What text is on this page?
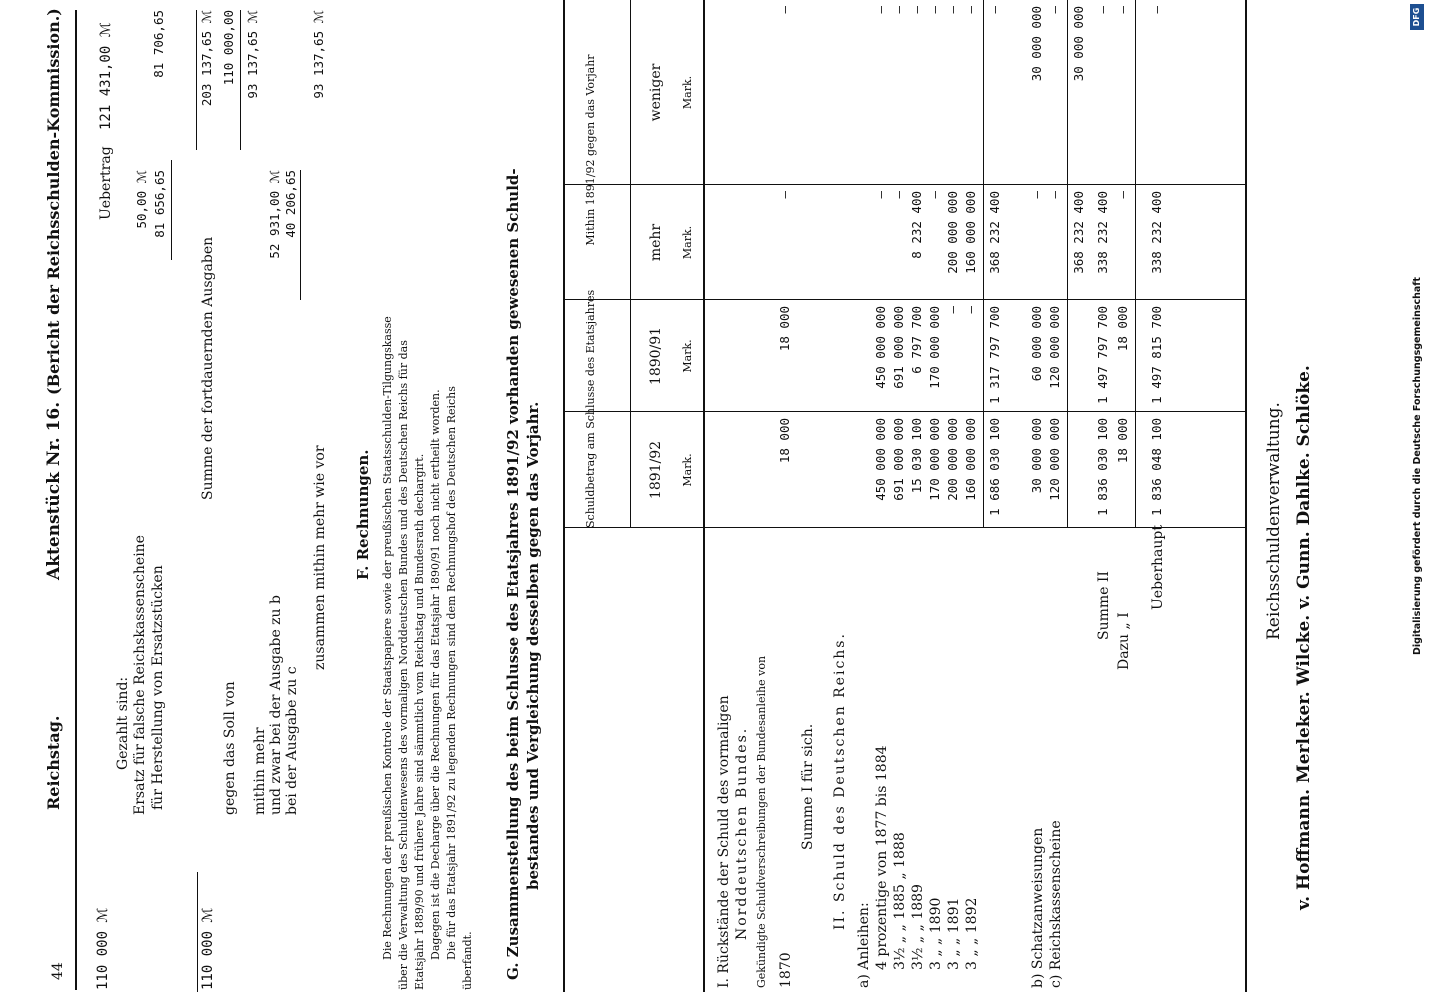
44
Reichstag.
Aktenstück Nr. 16.
(Bericht der Reichsschulden-Kommission.)
110 000 ℳ
Gezahlt sind: Ersatz für falsche Reichskassenscheine für Herstellung von Ersatzstücken
Uebertrag
121 431,00 ℳ
50,00 ℳ 81 656,65
81 706,65
Summe der fortdauernden Ausgaben
203 137,65 ℳ
110 000 ℳ
gegen das Soll von
110 000,00
mithin mehr
93 137,65 ℳ
und zwar bei der Ausgabe zu b
52 931,00 ℳ
bei der Ausgabe zu c
40 206,65
zusammen mithin mehr wie vor
93 137,65 ℳ
F. Rechnungen. Die Rechnungen der preußischen Kontrole der Staatspapiere sowie der preußischen Staatsschulden-Tilgungskasse über die Verwaltung des Schuldenwesens des vormaligen Norddeutschen Bundes und des Deutschen Reichs für das Etatsjahr 1889/90 und frühere Jahre sind sämmtlich vom Reichstag und Bundesrath dechargirt. Dagegen ist die Decharge über die Rechnungen für das Etatsjahr 1890/91 noch nicht ertheilt worden. Die für das Etatsjahr 1891/92 zu legenden Rechnungen sind dem Rechnungshof des Deutschen Reichs
überfandt. G. Zusammenstellung des beim Schlusse des Etatsjahres 1891/92 vorhanden gewesenen Schuld- bestandes und Vergleichung desselben gegen das Vorjahr.	Schuldbetrag am Schlusse des Etatsjahres
Mithin 1891/92 gegen das Vorjahr
1891/92
1890/91
mehr
weniger
Mark.
Mark.
Mark.
Mark.
I. Rückstände der Schuld des vormaligen Norddeutschen Bundes. Gekündigte Schuldverschreibungen der Bundesanleihe von 1870
18 000
18 000
—
—
Summe I für sich. II. Schuld des Deutschen Reichs.
a) Anleihen: 4 prozentige von 1877 bis 1884
450 000 000
450 000 000
—
—
3½ „ „ 1885 „ 1888
691 000 000
691 000 000
—
—
3½ „ „ 1889
15 030 100
6 797 700
8 232 400
—
3 „ „ 1890
170 000 000
170 000 000
—
—
3 „ „ 1891
200 000 000
—
200 000 000
—
3 „ „ 1892
160 000 000
—
160 000 000
—
1 686 030 100
1 317 797 700
368 232 400
—
b) Schatzanweisungen
30 000 000
60 000 000
—
30 000 000
c) Reichskassenscheine
120 000 000
120 000 000
—
—
368 232 400
30 000 000
Summe II
1 836 030 100
1 497 797 700
338 232 400
—
Dazu „ I
18 000
18 000
—
—
Ueberhaupt
1 836 048 100
1 497 815 700
338 232 400
—
Reichsschuldenverwaltung. v. Hoffmann. Merleker. Wilcke. v. Gunn. Dahlke. Schlöke.	Digitalisierung gefördert durch die Deutsche Forschungsgemeinschaft
DFG
